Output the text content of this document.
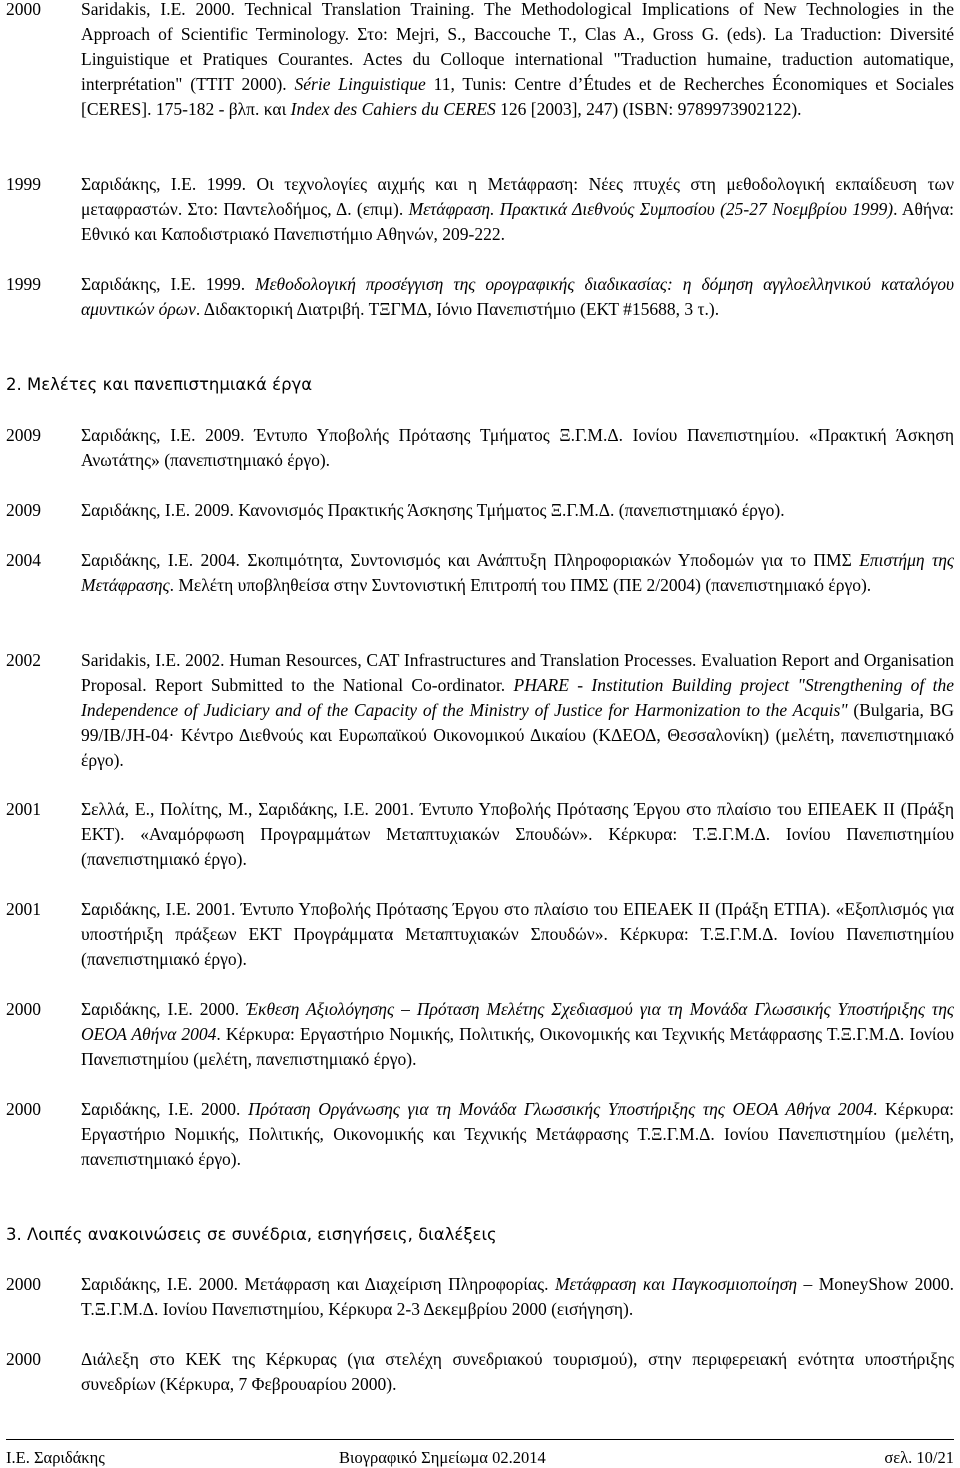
2000	Saridakis, I.E. 2000. Technical Translation Training. The Methodological Implications of New Technologies in the Approach of Scientific Terminology. Στο: Mejri, S., Baccouche T., Clas A., Gross G. (eds). La Traduction: Diversité Linguistique et Pratiques Courantes. Actes du Colloque international "Traduction humaine, traduction automatique, interprétation" (TTIT 2000). Série Linguistique 11, Tunis: Centre d’Études et de Recherches Économiques et Sociales [CERES]. 175-182 - βλπ. και Index des Cahiers du CERES 126 [2003], 247) (ISBN: 9789973902122).
1999	Σαριδάκης, Ι.Ε. 1999. Οι τεχνολογίες αιχμής και η Μετάφραση: Νέες πτυχές στη μεθοδολογική εκπαίδευση των μεταφραστών. Στο: Παντελοδήμος, Δ. (επιμ). Μετάφραση. Πρακτικά Διεθνούς Συμποσίου (25-27 Νοεμβρίου 1999). Αθήνα: Εθνικό και Καποδιστριακό Πανεπιστήμιο Αθηνών, 209-222.
1999	Σαριδάκης, Ι.Ε. 1999. Μεθοδολογική προσέγγιση της ορογραφικής διαδικασίας: η δόμηση αγγλοελληνικού καταλόγου αμυντικών όρων. Διδακτορική Διατριβή. ΤΞΓΜΔ, Ιόνιο Πανεπιστήμιο (ΕΚΤ #15688, 3 τ.).
2. Μελέτες και πανεπιστημιακά έργα
2009	Σαριδάκης, Ι.Ε. 2009. Έντυπο Υποβολής Πρότασης Τμήματος Ξ.Γ.Μ.Δ. Ιονίου Πανεπιστημίου. «Πρακτική Άσκηση Ανωτάτης» (πανεπιστημιακό έργο).
2009	Σαριδάκης, Ι.Ε. 2009. Κανονισμός Πρακτικής Άσκησης Τμήματος Ξ.Γ.Μ.Δ. (πανεπιστημιακό έργο).
2004	Σαριδάκης, Ι.Ε. 2004. Σκοπιμότητα, Συντονισμός και Ανάπτυξη Πληροφοριακών Υποδομών για το ΠΜΣ Επιστήμη της Μετάφρασης. Μελέτη υποβληθείσα στην Συντονιστική Επιτροπή του ΠΜΣ (ΠΕ 2/2004) (πανεπιστημιακό έργο).
2002	Saridakis, I.E. 2002. Human Resources, CAT Infrastructures and Translation Processes. Evaluation Report and Organisation Proposal. Report Submitted to the National Co-ordinator. PHARE - Institution Building project "Strengthening of the Independence of Judiciary and of the Capacity of the Ministry of Justice for Harmonization to the Acquis" (Bulgaria, BG 99/IB/JH-04· Κέντρο Διεθνούς και Ευρωπαϊκού Οικονομικού Δικαίου (ΚΔΕΟΔ, Θεσσαλονίκη) (μελέτη, πανεπιστημιακό έργο).
2001	Σελλά, Ε., Πολίτης, Μ., Σαριδάκης, Ι.Ε. 2001. Έντυπο Υποβολής Πρότασης Έργου στο πλαίσιο του ΕΠΕΑΕΚ ΙΙ (Πράξη ΕΚΤ). «Αναμόρφωση Προγραμμάτων Μεταπτυχιακών Σπουδών». Κέρκυρα: Τ.Ξ.Γ.Μ.Δ. Ιονίου Πανεπιστημίου (πανεπιστημιακό έργο).
2001	Σαριδάκης, Ι.Ε. 2001. Έντυπο Υποβολής Πρότασης Έργου στο πλαίσιο του ΕΠΕΑΕΚ ΙΙ (Πράξη ΕΤΠΑ). «Εξοπλισμός για υποστήριξη πράξεων ΕΚΤ Προγράμματα Μεταπτυχιακών Σπουδών». Κέρκυρα: Τ.Ξ.Γ.Μ.Δ. Ιονίου Πανεπιστημίου (πανεπιστημιακό έργο).
2000	Σαριδάκης, Ι.Ε. 2000. Έκθεση Αξιολόγησης – Πρόταση Μελέτης Σχεδιασμού για τη Μονάδα Γλωσσικής Υποστήριξης της ΟΕΟΑ Αθήνα 2004. Κέρκυρα: Εργαστήριο Νομικής, Πολιτικής, Οικονομικής και Τεχνικής Μετάφρασης Τ.Ξ.Γ.Μ.Δ. Ιονίου Πανεπιστημίου (μελέτη, πανεπιστημιακό έργο).
2000	Σαριδάκης, Ι.Ε. 2000. Πρόταση Οργάνωσης για τη Μονάδα Γλωσσικής Υποστήριξης της ΟΕΟΑ Αθήνα 2004. Κέρκυρα: Εργαστήριο Νομικής, Πολιτικής, Οικονομικής και Τεχνικής Μετάφρασης Τ.Ξ.Γ.Μ.Δ. Ιονίου Πανεπιστημίου (μελέτη, πανεπιστημιακό έργο).
3. Λοιπές ανακοινώσεις σε συνέδρια, εισηγήσεις, διαλέξεις
2000	Σαριδάκης, Ι.Ε. 2000. Μετάφραση και Διαχείριση Πληροφορίας. Μετάφραση και Παγκοσμιοποίηση – MoneyShow 2000. Τ.Ξ.Γ.Μ.Δ. Ιονίου Πανεπιστημίου, Κέρκυρα 2-3 Δεκεμβρίου 2000 (εισήγηση).
2000	Διάλεξη στο ΚΕΚ της Κέρκυρας (για στελέχη συνεδριακού τουρισμού), στην περιφερειακή ενότητα υποστήριξης συνεδρίων (Κέρκυρα, 7 Φεβρουαρίου 2000).
Ι.Ε. Σαριδάκης	Βιογραφικό Σημείωμα 02.2014	σελ. 10/21
